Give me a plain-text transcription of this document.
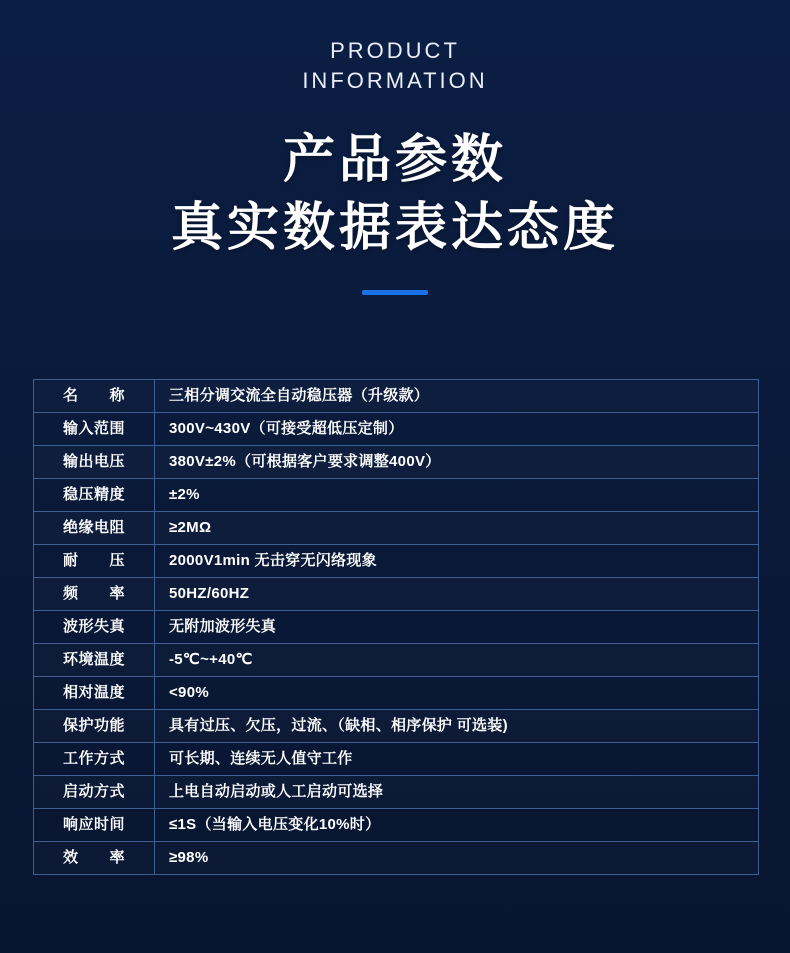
PRODUCT
INFORMATION
产品参数
真实数据表达态度
名　　称	三相分调交流全自动稳压器（升级款）
输入范围	300V~430V（可接受超低压定制）
输出电压	380V±2%（可根据客户要求调整400V）
稳压精度	±2%
绝缘电阻	≥2MΩ
耐　　压	2000V1min 无击穿无闪络现象
频　　率	50HZ/60HZ
波形失真	无附加波形失真
环境温度	-5℃~+40℃
相对温度	<90%
保护功能	具有过压、欠压，过流、（缺相、相序保护 可选装)
工作方式	可长期、连续无人值守工作
启动方式	上电自动启动或人工启动可选择
响应时间	≤1S（当输入电压变化10%时）
效　　率	≥98%
